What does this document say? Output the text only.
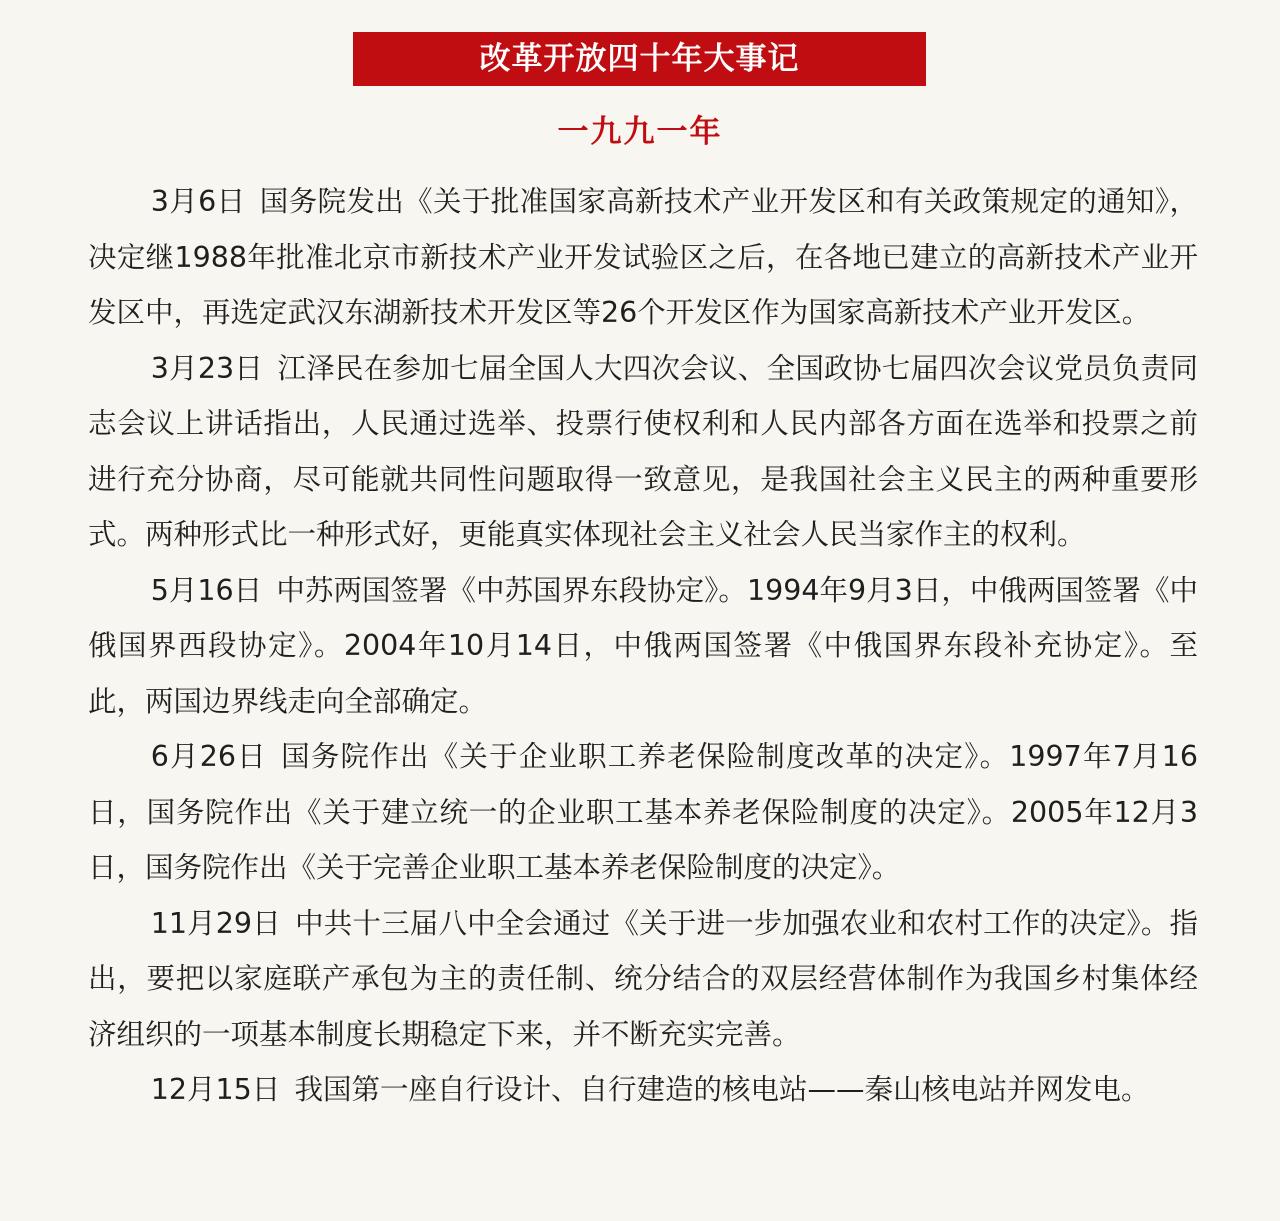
改革开放四十年大事记
一九九一年

3月6日 国务院发出《关于批准国家高新技术产业开发区和有关政策规定的通知》，决定继1988年批准北京市新技术产业开发试验区之后，在各地已建立的高新技术产业开发区中，再选定武汉东湖新技术开发区等26个开发区作为国家高新技术产业开发区。

3月23日 江泽民在参加七届全国人大四次会议、全国政协七届四次会议党员负责同志会议上讲话指出，人民通过选举、投票行使权利和人民内部各方面在选举和投票之前进行充分协商，尽可能就共同性问题取得一致意见，是我国社会主义民主的两种重要形式。两种形式比一种形式好，更能真实体现社会主义社会人民当家作主的权利。

5月16日 中苏两国签署《中苏国界东段协定》。1994年9月3日，中俄两国签署《中俄国界西段协定》。2004年10月14日，中俄两国签署《中俄国界东段补充协定》。至此，两国边界线走向全部确定。

6月26日 国务院作出《关于企业职工养老保险制度改革的决定》。1997年7月16日，国务院作出《关于建立统一的企业职工基本养老保险制度的决定》。2005年12月3日，国务院作出《关于完善企业职工基本养老保险制度的决定》。

11月29日 中共十三届八中全会通过《关于进一步加强农业和农村工作的决定》。指出，要把以家庭联产承包为主的责任制、统分结合的双层经营体制作为我国乡村集体经济组织的一项基本制度长期稳定下来，并不断充实完善。

12月15日 我国第一座自行设计、自行建造的核电站——秦山核电站并网发电。
